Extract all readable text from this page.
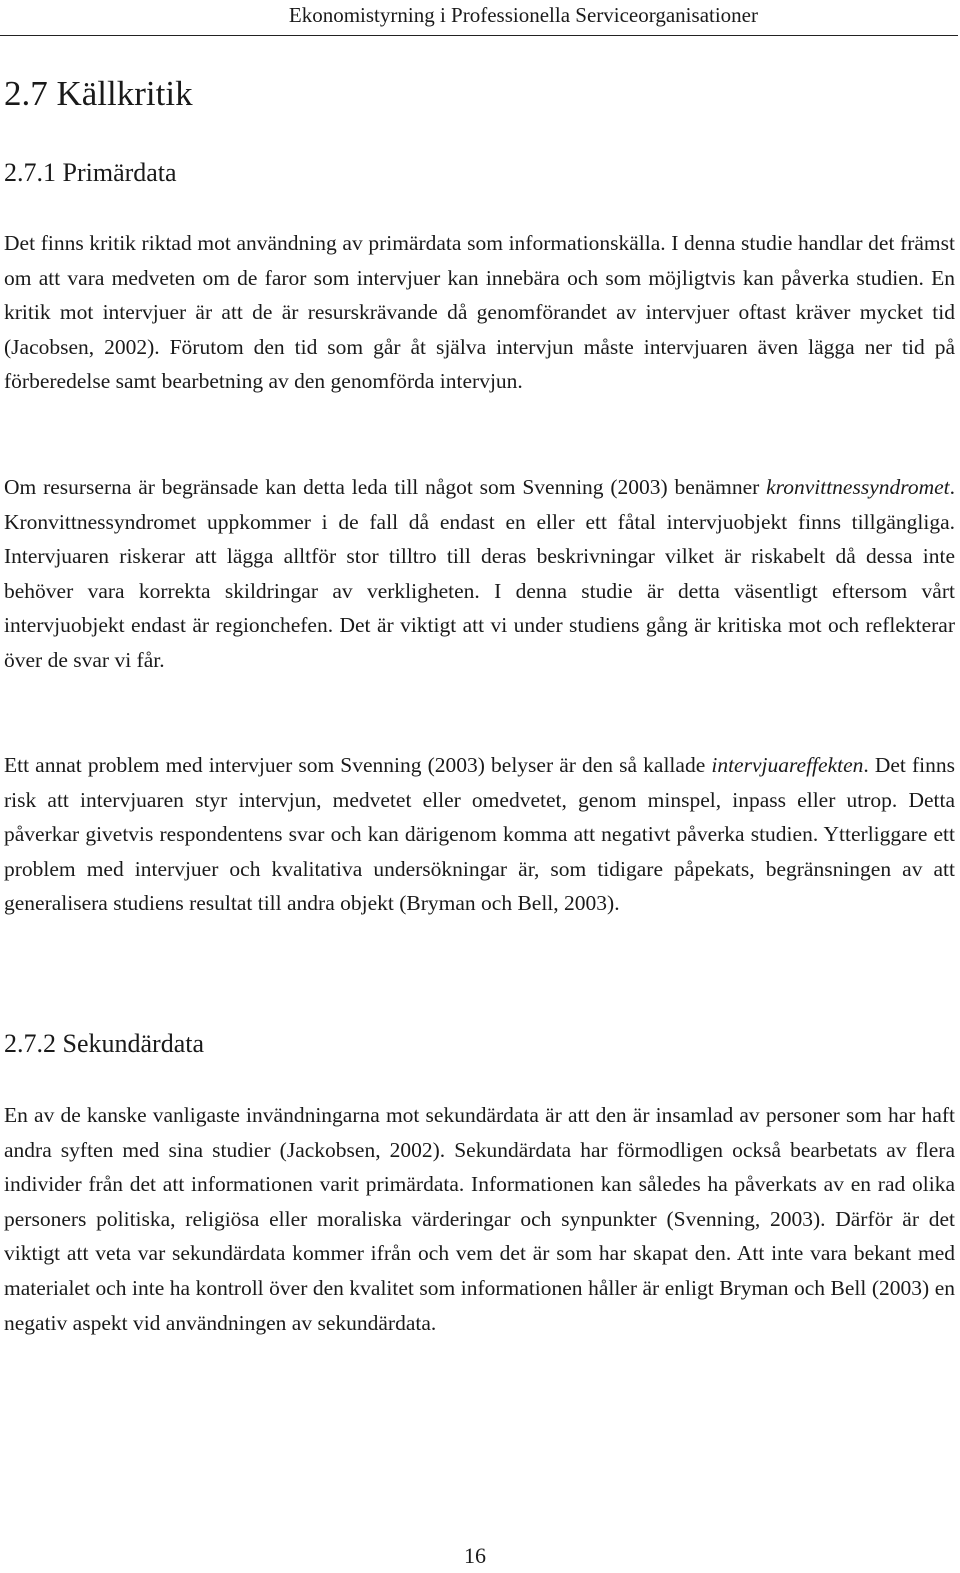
Ekonomistyrning i Professionella Serviceorganisationer
2.7 Källkritik
2.7.1 Primärdata

Det finns kritik riktad mot användning av primärdata som informationskälla. I denna studie handlar det främst om att vara medveten om de faror som intervjuer kan innebära och som möjligtvis kan påverka studien. En kritik mot intervjuer är att de är resurskrävande då genomförandet av intervjuer oftast kräver mycket tid (Jacobsen, 2002). Förutom den tid som går åt själva intervjun måste intervjuaren även lägga ner tid på förberedelse samt bearbetning av den genomförda intervjun.

Om resurserna är begränsade kan detta leda till något som Svenning (2003) benämner kronvittnessyndromet. Kronvittnessyndromet uppkommer i de fall då endast en eller ett fåtal intervjuobjekt finns tillgängliga. Intervjuaren riskerar att lägga alltför stor tilltro till deras beskrivningar vilket är riskabelt då dessa inte behöver vara korrekta skildringar av verkligheten. I denna studie är detta väsentligt eftersom vårt intervjuobjekt endast är regionchefen. Det är viktigt att vi under studiens gång är kritiska mot och reflekterar över de svar vi får.

Ett annat problem med intervjuer som Svenning (2003) belyser är den så kallade intervjuareffekten. Det finns risk att intervjuaren styr intervjun, medvetet eller omedvetet, genom minspel, inpass eller utrop. Detta påverkar givetvis respondentens svar och kan därigenom komma att negativt påverka studien. Ytterliggare ett problem med intervjuer och kvalitativa undersökningar är, som tidigare påpekats, begränsningen av att generalisera studiens resultat till andra objekt (Bryman och Bell, 2003).

2.7.2 Sekundärdata

En av de kanske vanligaste invändningarna mot sekundärdata är att den är insamlad av personer som har haft andra syften med sina studier (Jackobsen, 2002). Sekundärdata har förmodligen också bearbetats av flera individer från det att informationen varit primärdata. Informationen kan således ha påverkats av en rad olika personers politiska, religiösa eller moraliska värderingar och synpunkter (Svenning, 2003). Därför är det viktigt att veta var sekundärdata kommer ifrån och vem det är som har skapat den. Att inte vara bekant med materialet och inte ha kontroll över den kvalitet som informationen håller är enligt Bryman och Bell (2003) en negativ aspekt vid användningen av sekundärdata.

16
